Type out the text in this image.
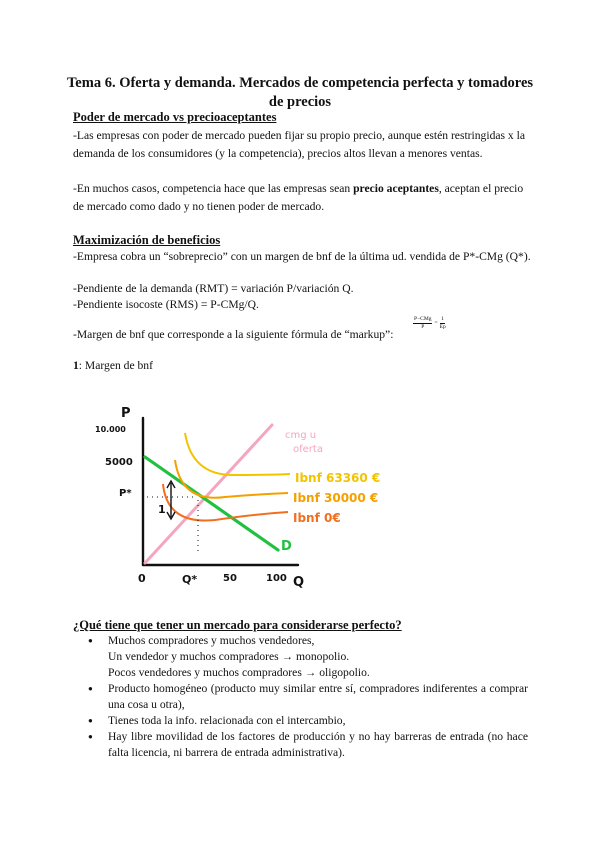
Tema 6. Oferta y demanda. Mercados de competencia perfecta y tomadores de precios
Poder de mercado vs precioaceptantes
-Las empresas con poder de mercado pueden fijar su propio precio, aunque estén restringidas x la demanda de los consumidores (y la competencia), precios altos llevan a menores ventas.
-En muchos casos, competencia hace que las empresas sean precio aceptantes, aceptan el precio de mercado como dado y no tienen poder de mercado.
Maximización de beneficios
-Empresa cobra un “sobreprecio” con un margen de bnf de la última ud. vendida de P*-CMg (Q*).
-Pendiente de la demanda (RMT) = variación P/variación Q.
-Pendiente isocoste (RMS) = P-CMg/Q.
-Margen de bnf que corresponde a la siguiente fórmula de “markup”:
$\frac{\text{P−CMg}}{P} = \frac{1}{Ep}$
1: Margen de bnf
P
10.000
5000
P*
1
0	Q*	50	100 Q
D
cmg u
oferta
Ibnf 63360 €
Ibnf 30000 €
Ibnf 0€
¿Qué tiene que tener un mercado para considerarse perfecto?
● Muchos compradores y muchos vendedores,
Un vendedor y muchos compradores → monopolio.
Pocos vendedores y muchos compradores → oligopolio.
● Producto homogéneo (producto muy similar entre sí, compradores indiferentes a comprar una cosa u otra),
● Tienes toda la info. relacionada con el intercambio,
● Hay libre movilidad de los factores de producción y no hay barreras de entrada (no hace falta licencia, ni barrera de entrada administrativa).
